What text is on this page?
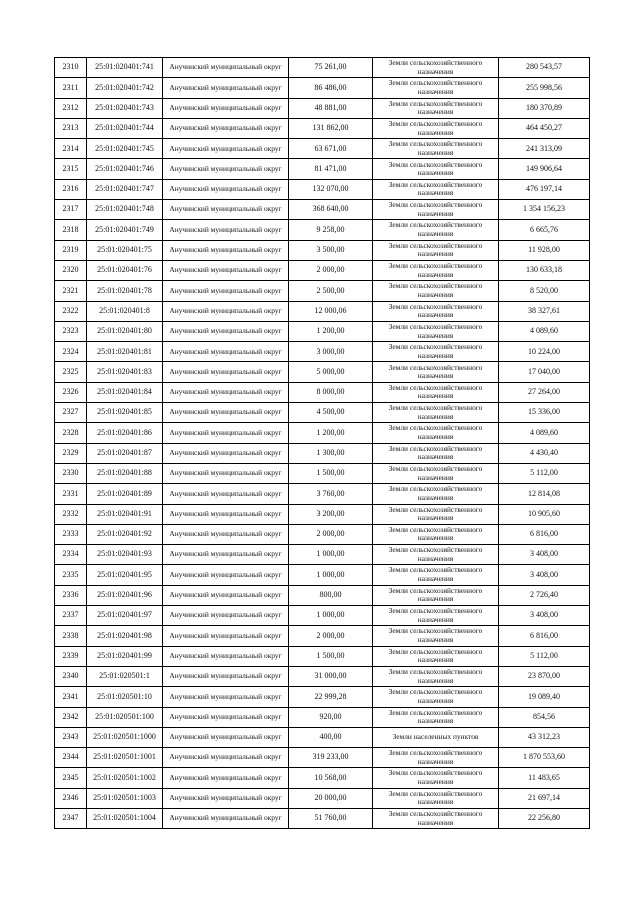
2310	25:01:020401:741	Анучинский муниципальный округ	75 261,00	Земли сельскохозяйственного назначения	280 543,57
2311	25:01:020401:742	Анучинский муниципальный округ	86 486,00	Земли сельскохозяйственного назначения	255 998,56
2312	25:01:020401:743	Анучинский муниципальный округ	48 881,00	Земли сельскохозяйственного назначения	180 370,89
2313	25:01:020401:744	Анучинский муниципальный округ	131 862,00	Земли сельскохозяйственного назначения	464 450,27
2314	25:01:020401:745	Анучинский муниципальный округ	63 671,00	Земли сельскохозяйственного назначения	241 313,09
2315	25:01:020401:746	Анучинский муниципальный округ	81 471,00	Земли сельскохозяйственного назначения	149 906,64
2316	25:01:020401:747	Анучинский муниципальный округ	132 070,00	Земли сельскохозяйственного назначения	476 197,14
2317	25:01:020401:748	Анучинский муниципальный округ	368 640,00	Земли сельскохозяйственного назначения	1 354 156,23
2318	25:01:020401:749	Анучинский муниципальный округ	9 258,00	Земли сельскохозяйственного назначения	6 665,76
2319	25:01:020401:75	Анучинский муниципальный округ	3 500,00	Земли сельскохозяйственного назначения	11 928,00
2320	25:01:020401:76	Анучинский муниципальный округ	2 000,00	Земли сельскохозяйственного назначения	130 633,18
2321	25:01:020401:78	Анучинский муниципальный округ	2 500,00	Земли сельскохозяйственного назначения	8 520,00
2322	25:01:020401:8	Анучинский муниципальный округ	12 000,06	Земли сельскохозяйственного назначения	38 327,61
2323	25:01:020401:80	Анучинский муниципальный округ	1 200,00	Земли сельскохозяйственного назначения	4 089,60
2324	25:01:020401:81	Анучинский муниципальный округ	3 000,00	Земли сельскохозяйственного назначения	10 224,00
2325	25:01:020401:83	Анучинский муниципальный округ	5 000,00	Земли сельскохозяйственного назначения	17 040,00
2326	25:01:020401:84	Анучинский муниципальный округ	8 000,00	Земли сельскохозяйственного назначения	27 264,00
2327	25:01:020401:85	Анучинский муниципальный округ	4 500,00	Земли сельскохозяйственного назначения	15 336,00
2328	25:01:020401:86	Анучинский муниципальный округ	1 200,00	Земли сельскохозяйственного назначения	4 089,60
2329	25:01:020401:87	Анучинский муниципальный округ	1 300,00	Земли сельскохозяйственного назначения	4 430,40
2330	25:01:020401:88	Анучинский муниципальный округ	1 500,00	Земли сельскохозяйственного назначения	5 112,00
2331	25:01:020401:89	Анучинский муниципальный округ	3 760,00	Земли сельскохозяйственного назначения	12 814,08
2332	25:01:020401:91	Анучинский муниципальный округ	3 200,00	Земли сельскохозяйственного назначения	10 905,60
2333	25:01:020401:92	Анучинский муниципальный округ	2 000,00	Земли сельскохозяйственного назначения	6 816,00
2334	25:01:020401:93	Анучинский муниципальный округ	1 000,00	Земли сельскохозяйственного назначения	3 408,00
2335	25:01:020401:95	Анучинский муниципальный округ	1 000,00	Земли сельскохозяйственного назначения	3 408,00
2336	25:01:020401:96	Анучинский муниципальный округ	800,00	Земли сельскохозяйственного назначения	2 726,40
2337	25:01:020401:97	Анучинский муниципальный округ	1 000,00	Земли сельскохозяйственного назначения	3 408,00
2338	25:01:020401:98	Анучинский муниципальный округ	2 000,00	Земли сельскохозяйственного назначения	6 816,00
2339	25:01:020401:99	Анучинский муниципальный округ	1 500,00	Земли сельскохозяйственного назначения	5 112,00
2340	25:01:020501:1	Анучинский муниципальный округ	31 000,00	Земли сельскохозяйственного назначения	23 870,00
2341	25:01:020501:10	Анучинский муниципальный округ	22 999,28	Земли сельскохозяйственного назначения	19 089,40
2342	25:01:020501:100	Анучинский муниципальный округ	920,00	Земли сельскохозяйственного назначения	854,56
2343	25:01:020501:1000	Анучинский муниципальный округ	400,00	Земли населенных пунктов	43 312,23
2344	25:01:020501:1001	Анучинский муниципальный округ	319 233,00	Земли сельскохозяйственного назначения	1 870 553,60
2345	25:01:020501:1002	Анучинский муниципальный округ	10 568,00	Земли сельскохозяйственного назначения	11 483,65
2346	25:01:020501:1003	Анучинский муниципальный округ	20 000,00	Земли сельскохозяйственного назначения	21 697,14
2347	25:01:020501:1004	Анучинский муниципальный округ	51 760,00	Земли сельскохозяйственного назначения	22 256,80
